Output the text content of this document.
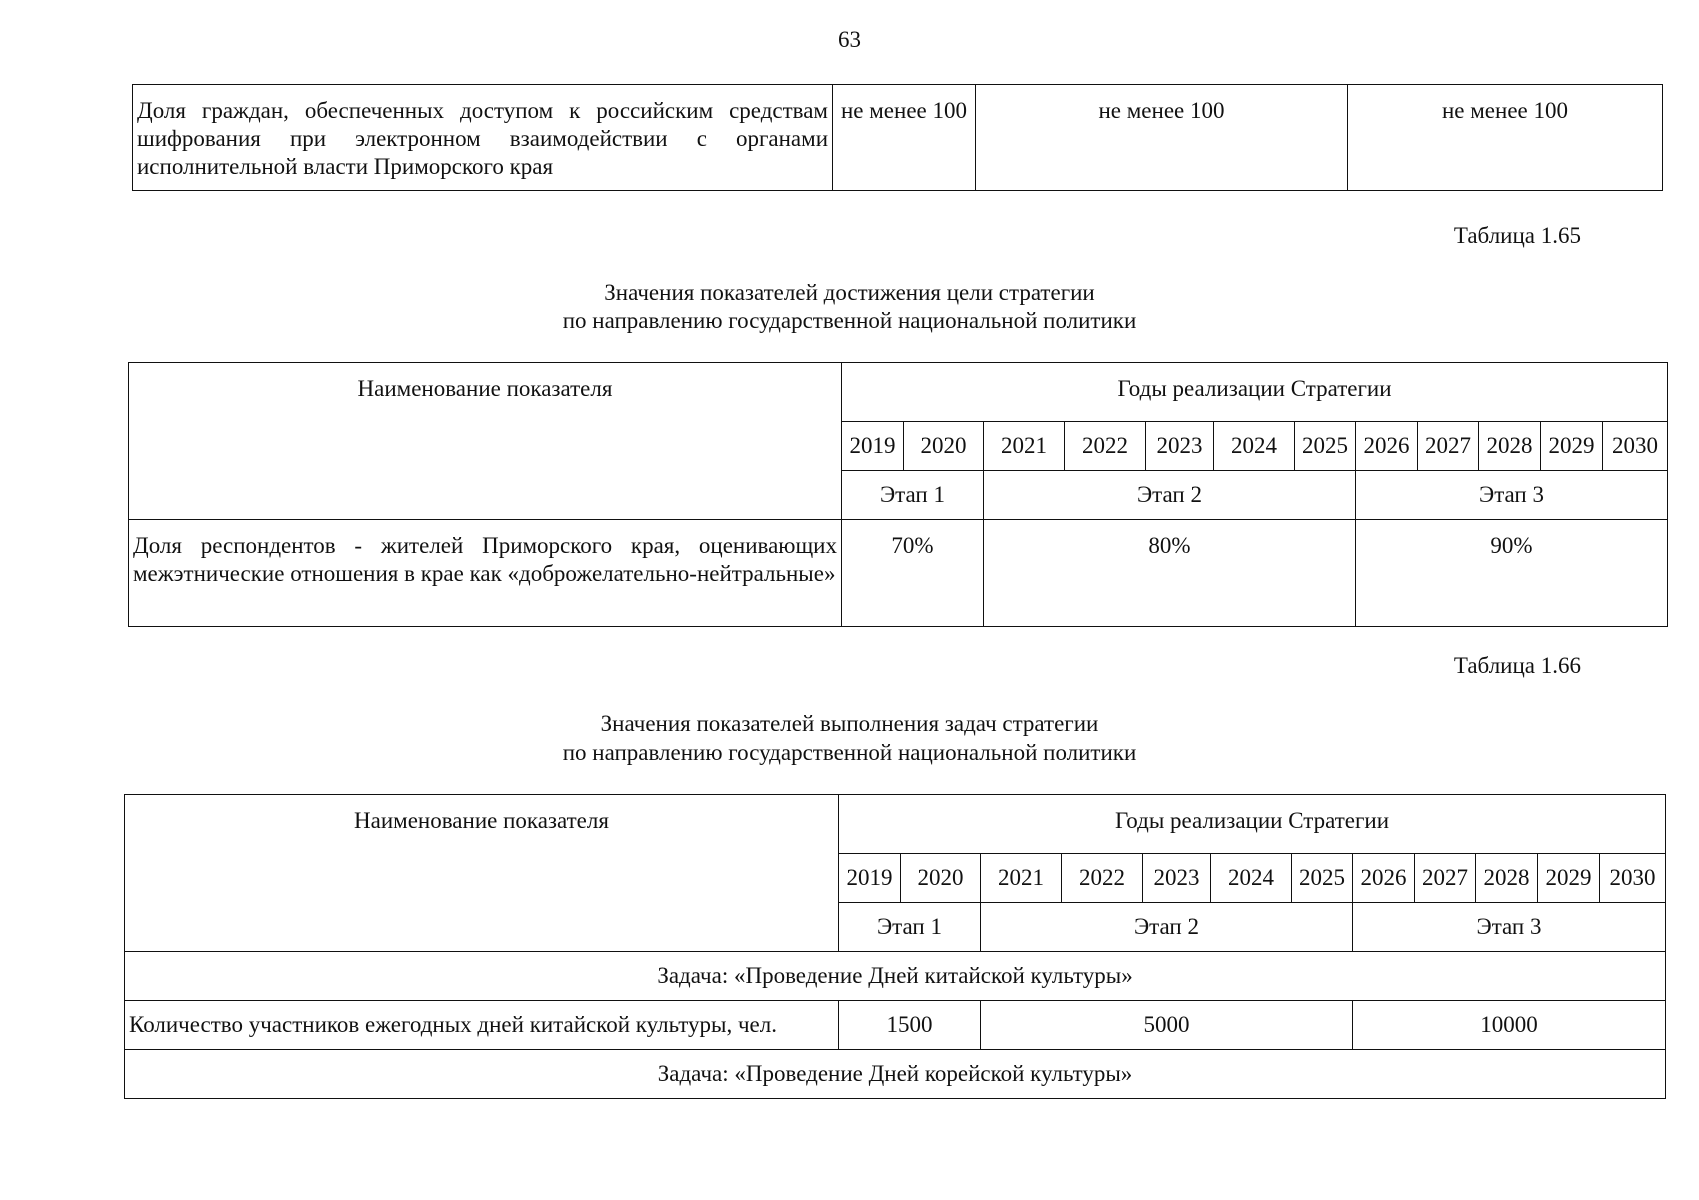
63
Доля граждан, обеспеченных доступом к российским средствам шифрования при электронном взаимодействии с органами исполнительной власти Приморского края	не менее 100	не менее 100	не менее 100
Таблица 1.65
Значения показателей достижения цели стратегии
по направлению государственной национальной политики
Наименование показателя	Годы реализации Стратегии											
	2019	2020	2021	2022	2023	2024	2025	2026	2027	2028	2029	2030
	Этап 1		Этап 2					Этап 3				
Доля респондентов - жителей Приморского края, оценивающих межэтнические отношения в крае как «доброжелательно-нейтральные»	70%		80%					90%				
Таблица 1.66
Значения показателей выполнения задач стратегии
по направлению государственной национальной политики
Наименование показателя	Годы реализации Стратегии											
	2019	2020	2021	2022	2023	2024	2025	2026	2027	2028	2029	2030
	Этап 1		Этап 2					Этап 3				
Задача: «Проведение Дней китайской культуры»												
Количество участников ежегодных дней китайской культуры, чел.	1500		5000					10000				
Задача: «Проведение Дней корейской культуры»												
